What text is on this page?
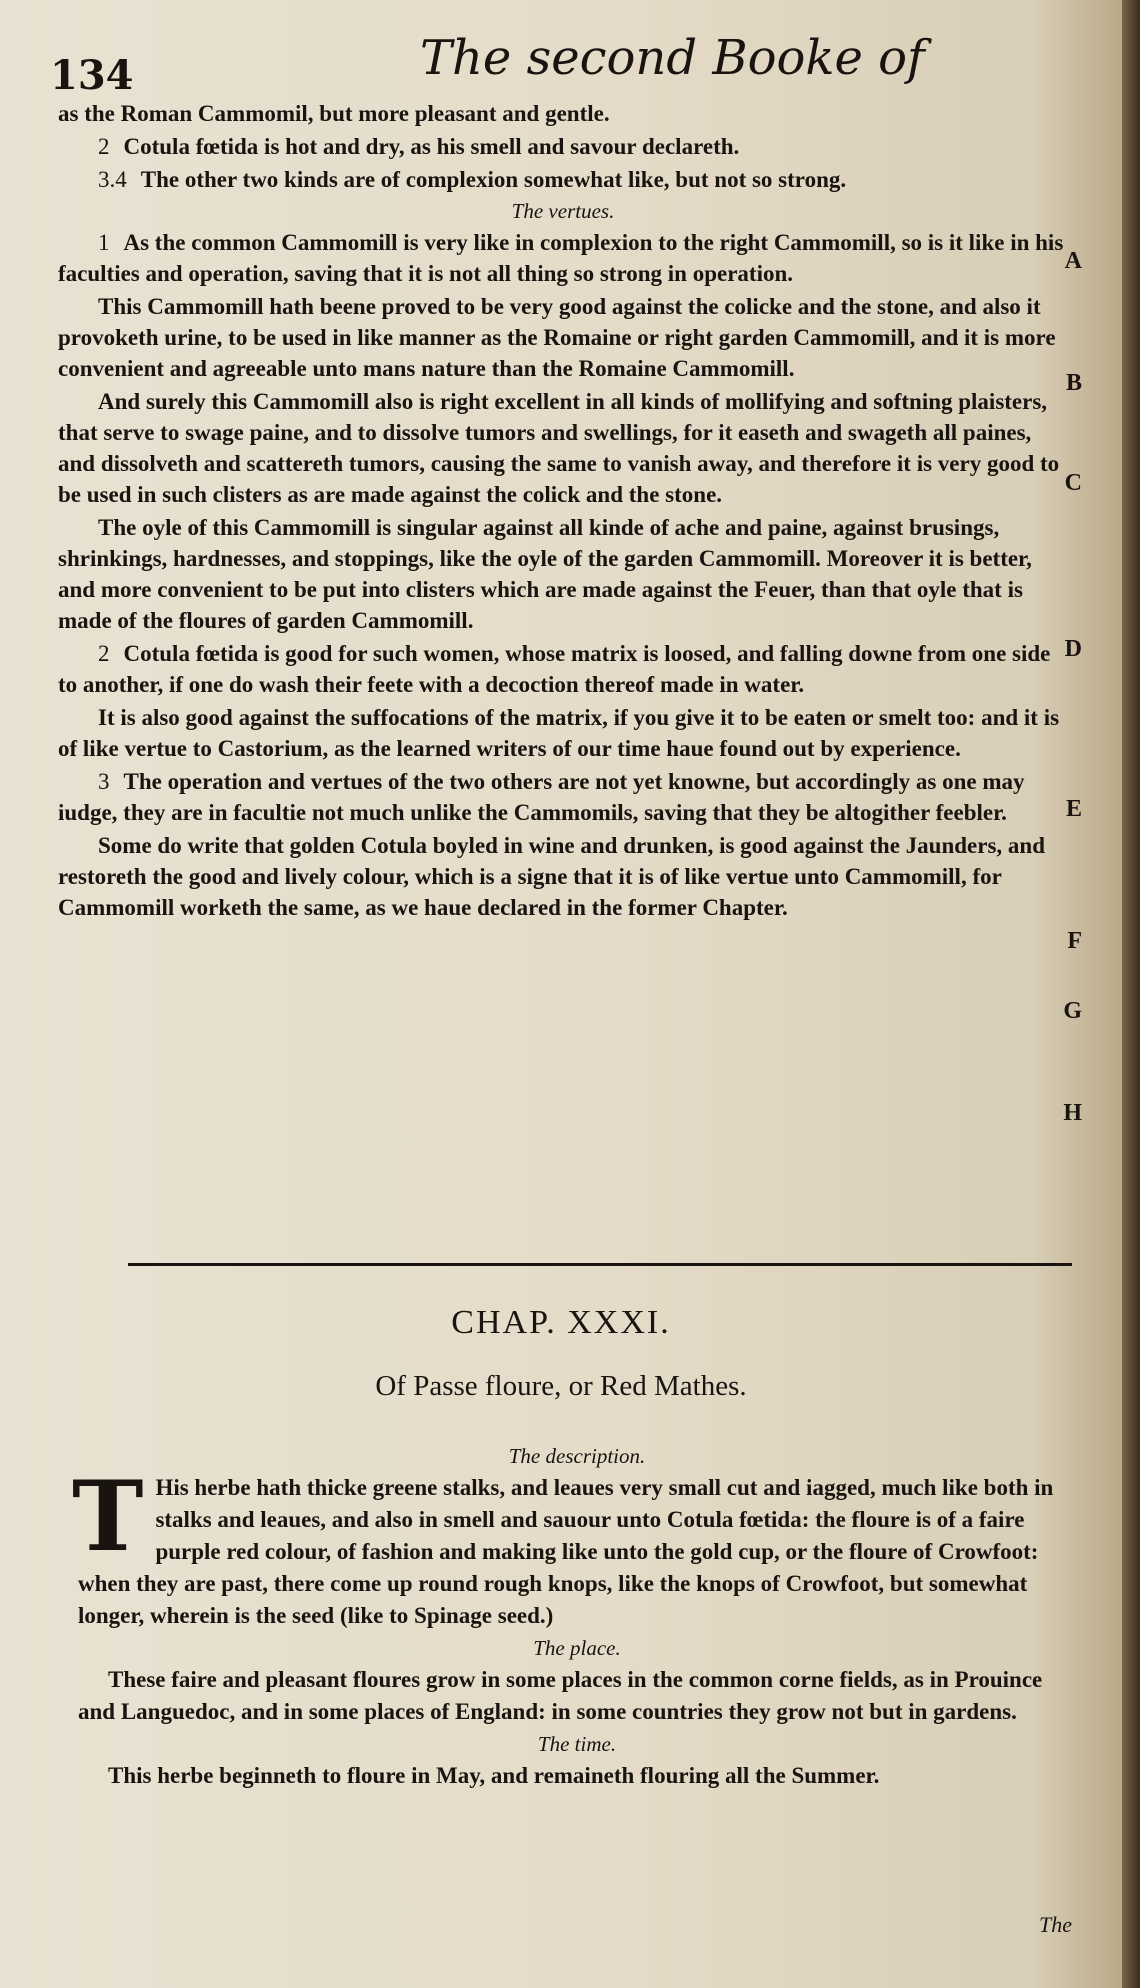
134	The second Booke of

as the Roman Cammomil, but more pleasant and gentle.

2 Cotula fœtida is hot and dry, as his smell and savour declareth.

3.4 The other two kinds are of complexion somewhat like, but not so strong.

The vertues.

1 As the common Cammomill is very like in complexion to the right Cammomill, so is it like in his faculties and operation, saving that it is not all thing so strong in operation.

This Cammomill hath beene proved to be very good against the colicke and the stone, and also it provoketh urine, to be used in like manner as the Romaine or right garden Cammomill, and it is more convenient and agreeable unto mans nature than the Romaine Cammomill.

And surely this Cammomill also is right excellent in all kinds of mollifying and softning plaisters, that serve to swage paine, and to dissolve tumors and swellings, for it easeth and swageth all paines, and dissolveth and scattereth tumors, causing the same to vanish away, and therefore it is very good to be used in such clisters as are made against the colick and the stone.

The oyle of this Cammomill is singular against all kinde of ache and paine, against brusings, shrinkings, hardnesses, and stoppings, like the oyle of the garden Cammomill. Moreover it is better, and more convenient to be put into clisters which are made against the Feuer, than that oyle that is made of the floures of garden Cammomill.

2 Cotula fœtida is good for such women, whose matrix is loosed, and falling downe from one side to another, if one do wash their feete with a decoction thereof made in water.

It is also good against the suffocations of the matrix, if you give it to be eaten or smelt too: and it is of like vertue to Castorium, as the learned writers of our time haue found out by experience.

3 The operation and vertues of the two others are not yet knowne, but accordingly as one may iudge, they are in facultie not much unlike the Cammomils, saving that they be altogither feebler.

Some do write that golden Cotula boyled in wine and drunken, is good against the Jaunders, and restoreth the good and lively colour, which is a signe that it is of like vertue unto Cammomill, for Cammomill worketh the same, as we haue declared in the former Chapter.

A
B
C
D
E
F
G
H
CHAP. XXXI.
Of Passe floure, or Red Mathes.
The description.

T His herbe hath thicke greene stalks, and leaues very small cut and iagged, much like both in stalks and leaues, and also in smell and sauour unto Cotula fœtida: the floure is of a faire purple red colour, of fashion and making like unto the gold cup, or the floure of Crowfoot: when they are past, there come up round rough knops, like the knops of Crowfoot, but somewhat longer, wherein is the seed (like to Spinage seed.)

The place.

These faire and pleasant floures grow in some places in the common corne fields, as in Prouince and Languedoc, and in some places of England: in some countries they grow not but in gardens.

The time.

This herbe beginneth to floure in May, and remaineth flouring all the Summer.

The
